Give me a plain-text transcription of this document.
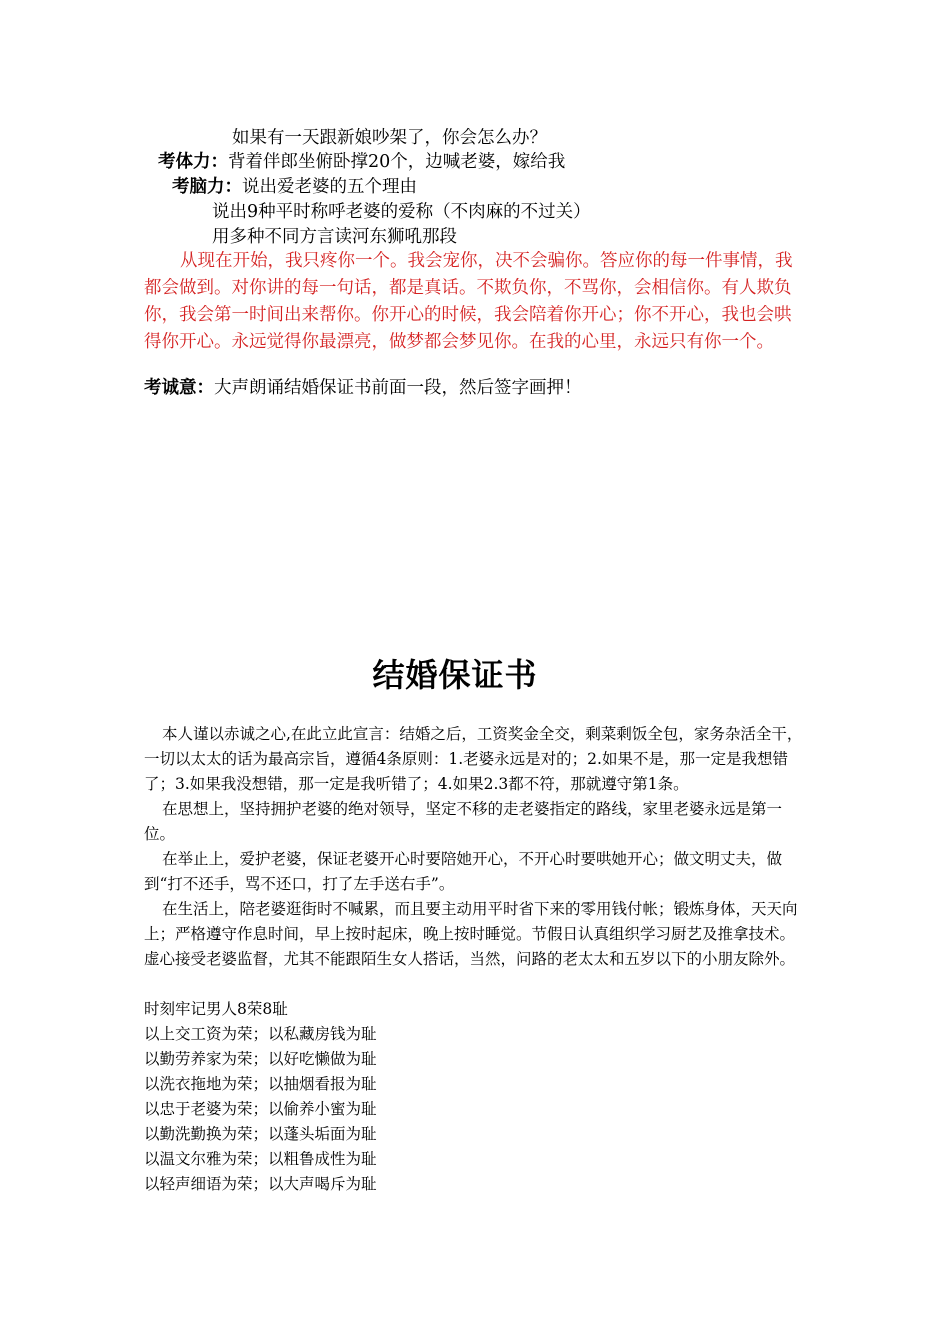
如果有一天跟新娘吵架了，你会怎么办？
考体力：背着伴郎坐俯卧撑20个，边喊老婆，嫁给我
考脑力：说出爱老婆的五个理由
说出9种平时称呼老婆的爱称（不肉麻的不过关）
用多种不同方言读河东狮吼那段
从现在开始，我只疼你一个。我会宠你，决不会骗你。答应你的每一件事情，我都会做到。对你讲的每一句话，都是真话。不欺负你，不骂你，会相信你。有人欺负你，我会第一时间出来帮你。你开心的时候，我会陪着你开心；你不开心，我也会哄得你开心。永远觉得你最漂亮，做梦都会梦见你。在我的心里，永远只有你一个。
考诚意：大声朗诵结婚保证书前面一段，然后签字画押！
结婚保证书
本人谨以赤诚之心,在此立此宣言：结婚之后，工资奖金全交，剩菜剩饭全包，家务杂活全干，一切以太太的话为最高宗旨，遵循4条原则：1.老婆永远是对的；2.如果不是，那一定是我想错了；3.如果我没想错，那一定是我听错了；4.如果2.3都不符，那就遵守第1条。
在思想上，坚持拥护老婆的绝对领导，坚定不移的走老婆指定的路线，家里老婆永远是第一位。
在举止上，爱护老婆，保证老婆开心时要陪她开心，不开心时要哄她开心；做文明丈夫，做到“打不还手，骂不还口，打了左手送右手”。
在生活上，陪老婆逛街时不喊累，而且要主动用平时省下来的零用钱付帐；锻炼身体，天天向上；严格遵守作息时间，早上按时起床，晚上按时睡觉。节假日认真组织学习厨艺及推拿技术。虚心接受老婆监督，尤其不能跟陌生女人搭话，当然，问路的老太太和五岁以下的小朋友除外。
时刻牢记男人8荣8耻
以上交工资为荣；以私藏房钱为耻
以勤劳养家为荣；以好吃懒做为耻
以洗衣拖地为荣；以抽烟看报为耻
以忠于老婆为荣；以偷养小蜜为耻
以勤洗勤换为荣；以蓬头垢面为耻
以温文尔雅为荣；以粗鲁成性为耻
以轻声细语为荣；以大声喝斥为耻
